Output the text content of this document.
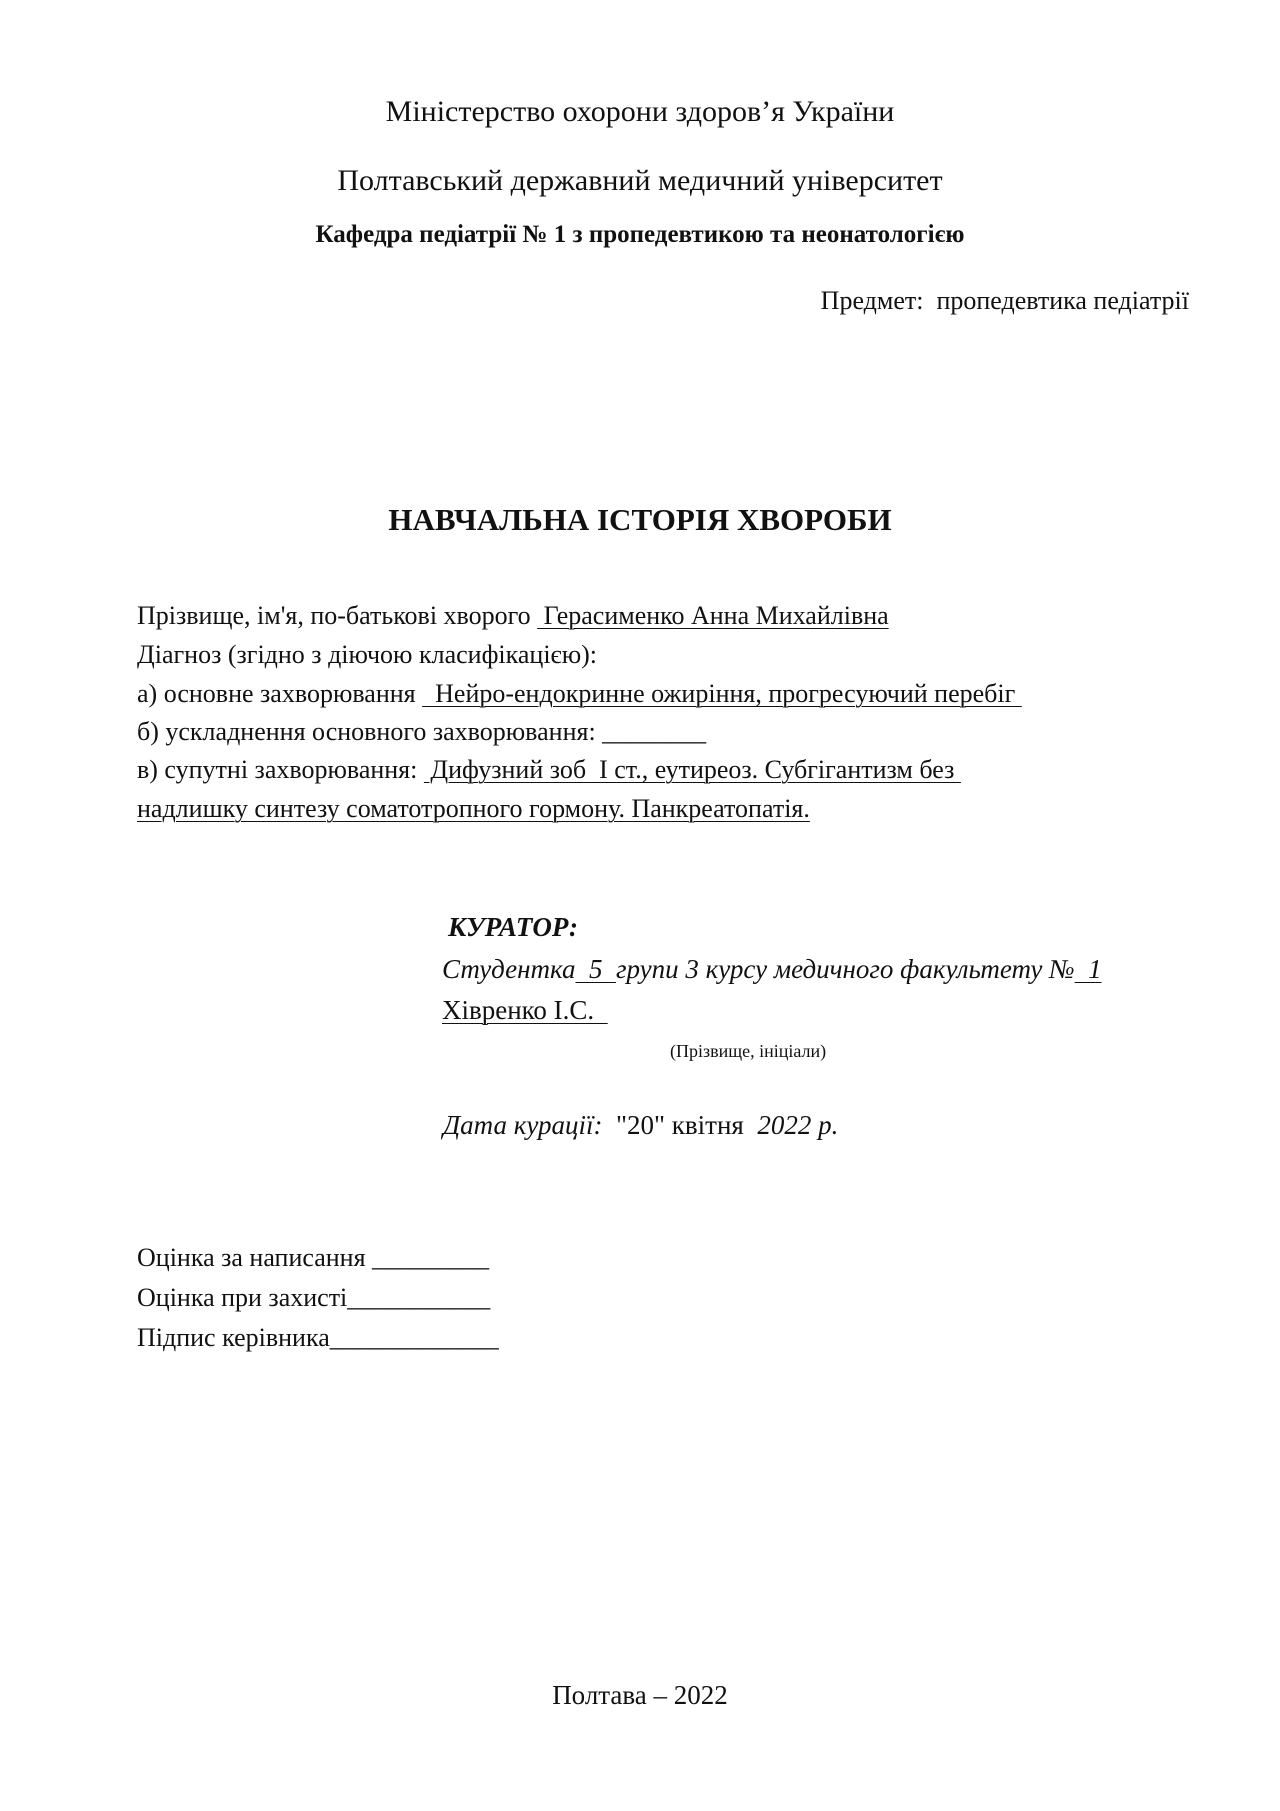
Міністерство охорони здоров’я України
Полтавський державний медичний університет
Кафедра педіатрії № 1 з пропедевтикою та неонатологією
Предмет: пропедевтика педіатрії
НАВЧАЛЬНА ІСТОРІЯ ХВОРОБИ
Прізвище, ім'я, по-батькові хворого  Герасименко Анна Михайлівна
Діагноз (згідно з діючою класифікацією):
а) основне захворювання   Нейро-ендокринне ожиріння, прогресуючий перебіг
б) ускладнення основного захворювання: ________
в) супутні захворювання:  Дифузний зоб  І ст., еутиреоз. Субгігантизм без
надлишку синтезу соматотропного гормону. Панкреатопатія.
КУРАТОР:
Студентка  5  групи 3 курсу медичного факультету №  1
Хівренко І.С.
(Прізвище, ініціали)
Дата курації: "20" квітня 2022 р.
Оцінка за написання _________
Оцінка при захисті___________
Підпис керівника_____________
Полтава – 2022
